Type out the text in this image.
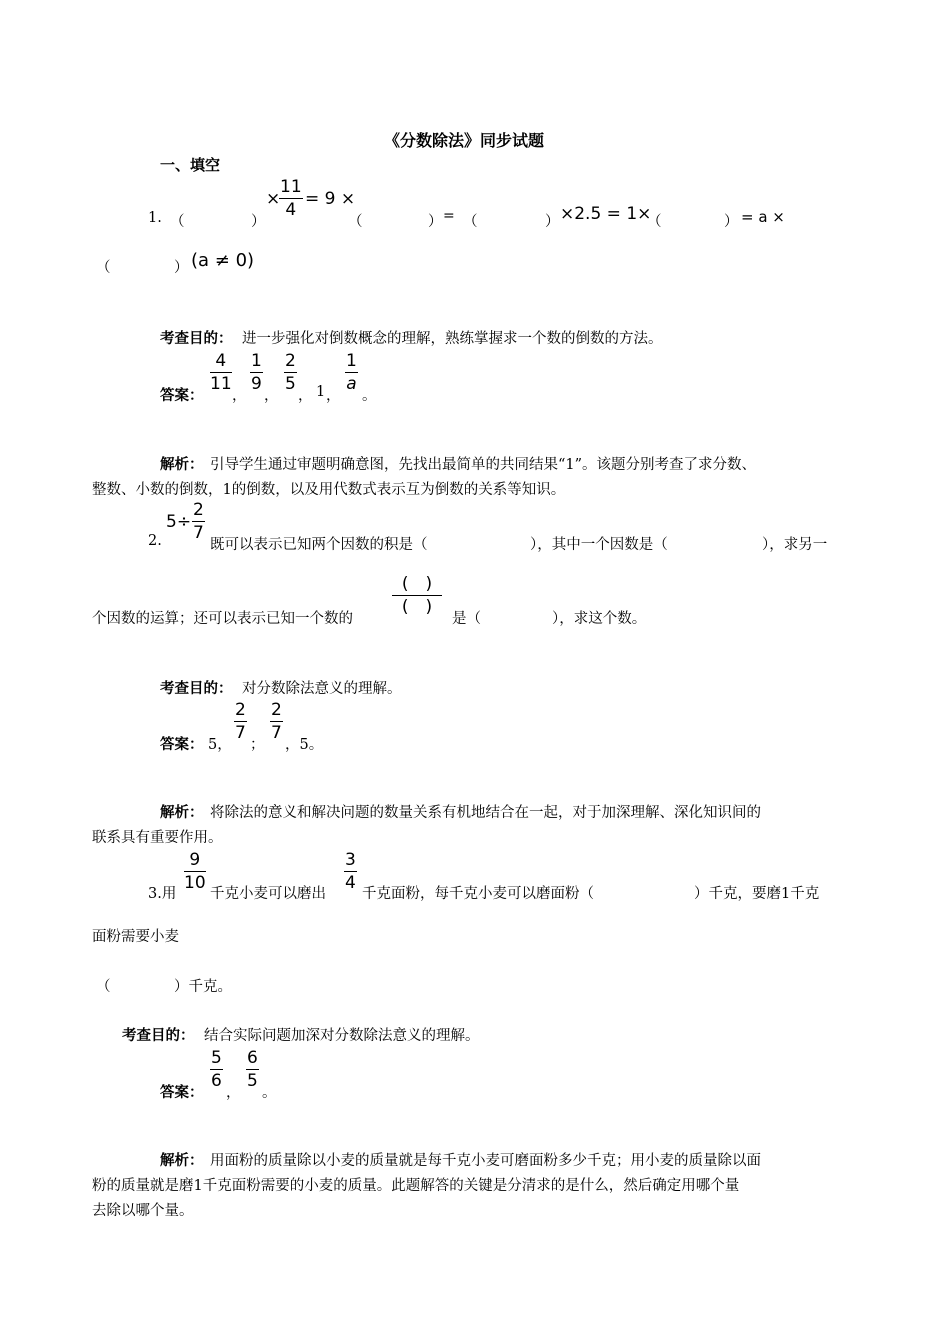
《分数除法》同步试题
一、填空
1. （	）
×
$\frac{11}{4} = 9$ ×
（	） = （	） ×2.5 = 1×
（	） = a ×
（	） (a ≠ 0)
考查目的： 进一步强化对倒数概念的理解，熟练掌握求一个数的倒数的方法。
答案：
$\frac{4}{11}$
，
$\frac{1}{9}$
，
$\frac{2}{5}$
， 1 ，
$\frac{1}{a}$
。
解析： 引导学生通过审题明确意图，先找出最简单的共同结果“1”。该题分别考查了求分数、
整数、小数的倒数，1的倒数，以及用代数式表示互为倒数的关系等知识。
2.
$5\div \frac{2}{7}$
既可以表示已知两个因数的积是（	），其中一个因数是（	），求另一
个因数的运算；还可以表示已知一个数的
(　)
(　)
是（	），求这个数。
考查目的： 对分数除法意义的理解。
答案： 5，
$\frac{2}{7}$
；
$\frac{2}{7}$
，5。
解析： 将除法的意义和解决问题的数量关系有机地结合在一起，对于加深理解、深化知识间的
联系具有重要作用。
3.用
$\frac{9}{10}$
千克小麦可以磨出
$\frac{3}{4}$
千克面粉，每千克小麦可以磨面粉（	）千克，要磨1千克
面粉需要小麦
（	）千克。
考查目的： 结合实际问题加深对分数除法意义的理解。
答案：
$\frac{5}{6}$
，
$\frac{6}{5}$
。
解析： 用面粉的质量除以小麦的质量就是每千克小麦可磨面粉多少千克；用小麦的质量除以面
粉的质量就是磨1千克面粉需要的小麦的质量。此题解答的关键是分清求的是什么，然后确定用哪个量
去除以哪个量。
